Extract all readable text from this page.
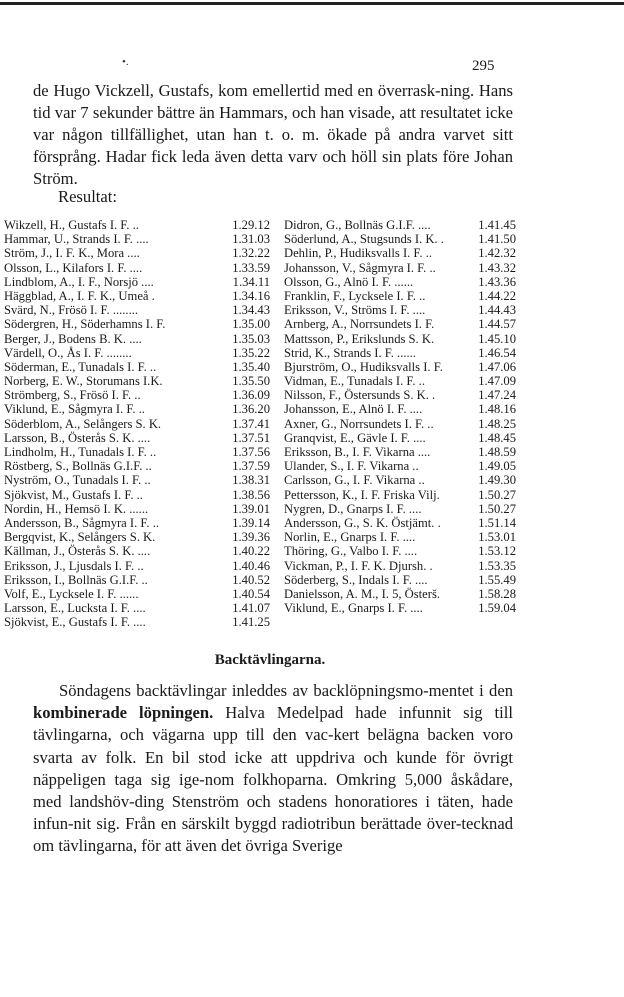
•.	295

de Hugo Vickzell, Gustafs, kom emellertid med en överrask-ning. Hans tid var 7 sekunder bättre än Hammars, och han visade, att resultatet icke var någon tillfällighet, utan han t. o. m. ökade på andra varvet sitt försprång. Hadar fick leda även detta varv och höll sin plats före Johan Ström.

Resultat:
Wikzell, H., Gustafs I. F. ..	1.29.12
Hammar, U., Strands I. F. ....	1.31.03
Ström, J., I. F. K., Mora ....	1.32.22
Olsson, L., Kilafors I. F. ....	1.33.59
Lindblom, A., I. F., Norsjö ....	1.34.11
Häggblad, A., I. F. K., Umeå .	1.34.16
Svärd, N., Frösö I. F. ........	1.34.43
Södergren, H., Söderhamns I. F.	1.35.00
Berger, J., Bodens B. K. ....	1.35.03
Värdell, O., Ås I. F. ........	1.35.22
Söderman, E., Tunadals I. F. ..	1.35.40
Norberg, E. W., Storumans I.K.	1.35.50
Strömberg, S., Frösö I. F. ..	1.36.09
Viklund, E., Sågmyra I. F. ..	1.36.20
Söderblom, A., Selångers S. K.	1.37.41
Larsson, B., Österås S. K. ....	1.37.51
Lindholm, H., Tunadals I. F. ..	1.37.56
Röstberg, S., Bollnäs G.I.F. ..	1.37.59
Nyström, O., Tunadals I. F. ..	1.38.31
Sjökvist, M., Gustafs I. F. ..	1.38.56
Nordin, H., Hemsö I. K. ......	1.39.01
Andersson, B., Sågmyra I. F. ..	1.39.14
Bergqvist, K., Selångers S. K.	1.39.36
Källman, J., Österås S. K. ....	1.40.22
Eriksson, J., Ljusdals I. F. ..	1.40.46
Eriksson, I., Bollnäs G.I.F. ..	1.40.52
Volf, E., Lycksele I. F. ......	1.40.54
Larsson, E., Lucksta I. F. ....	1.41.07
Sjökvist, E., Gustafs I. F. ....	1.41.25
Didron, G., Bollnäs G.I.F. ....	1.41.45
Söderlund, A., Stugsunds I. K. .	1.41.50
Dehlin, P., Hudiksvalls I. F. ..	1.42.32
Johansson, V., Sågmyra I. F. ..	1.43.32
Olsson, G., Alnö I. F. ......	1.43.36
Franklin, F., Lycksele I. F. ..	1.44.22
Eriksson, V., Ströms I. F. ....	1.44.43
Arnberg, A., Norrsundets I. F.	1.44.57
Mattsson, P., Erikslunds S. K.	1.45.10
Strid, K., Strands I. F. ......	1.46.54
Bjurström, O., Hudiksvalls I. F.	1.47.06
Vidman, E., Tunadals I. F. ..	1.47.09
Nilsson, F., Östersunds S. K. .	1.47.24
Johansson, E., Alnö I. F. ....	1.48.16
Axner, G., Norrsundets I. F. ..	1.48.25
Granqvist, E., Gävle I. F. ....	1.48.45
Eriksson, B., I. F. Vikarna ....	1.48.59
Ulander, S., I. F. Vikarna ..	1.49.05
Carlsson, G., I. F. Vikarna ..	1.49.30
Pettersson, K., I. F. Friska Vilj.	1.50.27
Nygren, D., Gnarps I. F. ....	1.50.27
Andersson, G., S. K. Östjämt. .	1.51.14
Norlin, E., Gnarps I. F. ....	1.53.01
Thöring, G., Valbo I. F. ....	1.53.12
Vickman, P., I. F. K. Djursh. .	1.53.35
Söderberg, S., Indals I. F. ....	1.55.49
Danielsson, A. M., I. 5, Österš.	1.58.28
Viklund, E., Gnarps I. F. ....	1.59.04
Backtävlingarna.

Söndagens backtävlingar inleddes av backlöpningsmo-mentet i den kombinerade löpningen. Halva Medelpad hade infunnit sig till tävlingarna, och vägarna upp till den vac-kert belägna backen voro svarta av folk. En bil stod icke att uppdriva och kunde för övrigt näppeligen taga sig ige-nom folkhoparna. Omkring 5,000 åskådare, med landshöv-ding Stenström och stadens honoratiores i täten, hade infun-nit sig. Från en särskilt byggd radiotribun berättade över-tecknad om tävlingarna, för att även det övriga Sverige
